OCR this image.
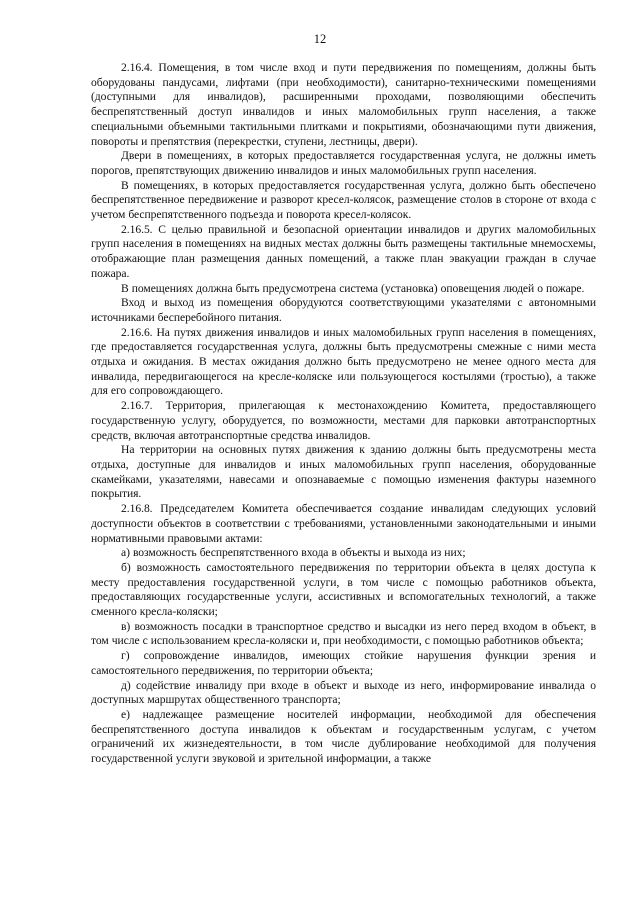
12

2.16.4. Помещения, в том числе вход и пути передвижения по помещениям, должны быть оборудованы пандусами, лифтами (при необходимости), санитарно-техническими помещениями (доступными для инвалидов), расширенными проходами, позволяющими обеспечить беспрепятственный доступ инвалидов и иных маломобильных групп населения, а также специальными объемными тактильными плитками и покрытиями, обозначающими пути движения, повороты и препятствия (перекрестки, ступени, лестницы, двери).

Двери в помещениях, в которых предоставляется государственная услуга, не должны иметь порогов, препятствующих движению инвалидов и иных маломобильных групп населения.

В помещениях, в которых предоставляется государственная услуга, должно быть обеспечено беспрепятственное передвижение и разворот кресел-колясок, размещение столов в стороне от входа с учетом беспрепятственного подъезда и поворота кресел-колясок.

2.16.5. С целью правильной и безопасной ориентации инвалидов и других маломобильных групп населения в помещениях на видных местах должны быть размещены тактильные мнемосхемы, отображающие план размещения данных помещений, а также план эвакуации граждан в случае пожара.

В помещениях должна быть предусмотрена система (установка) оповещения людей о пожаре.

Вход и выход из помещения оборудуются соответствующими указателями с автономными источниками бесперебойного питания.

2.16.6. На путях движения инвалидов и иных маломобильных групп населения в помещениях, где предоставляется государственная услуга, должны быть предусмотрены смежные с ними места отдыха и ожидания. В местах ожидания должно быть предусмотрено не менее одного места для инвалида, передвигающегося на кресле-коляске или пользующегося костылями (тростью), а также для его сопровождающего.

2.16.7. Территория, прилегающая к местонахождению Комитета, предоставляющего государственную услугу, оборудуется, по возможности, местами для парковки автотранспортных средств, включая автотранспортные средства инвалидов.

На территории на основных путях движения к зданию должны быть предусмотрены места отдыха, доступные для инвалидов и иных маломобильных групп населения, оборудованные скамейками, указателями, навесами и опознаваемые с помощью изменения фактуры наземного покрытия.

2.16.8. Председателем Комитета обеспечивается создание инвалидам следующих условий доступности объектов в соответствии с требованиями, установленными законодательными и иными нормативными правовыми актами:

а) возможность беспрепятственного входа в объекты и выхода из них;

б) возможность самостоятельного передвижения по территории объекта в целях доступа к месту предоставления государственной услуги, в том числе с помощью работников объекта, предоставляющих государственные услуги, ассистивных и вспомогательных технологий, а также сменного кресла-коляски;

в) возможность посадки в транспортное средство и высадки из него перед входом в объект, в том числе с использованием кресла-коляски и, при необходимости, с помощью работников объекта;

г) сопровождение инвалидов, имеющих стойкие нарушения функции зрения и самостоятельного передвижения, по территории объекта;

д) содействие инвалиду при входе в объект и выходе из него, информирование инвалида о доступных маршрутах общественного транспорта;

е) надлежащее размещение носителей информации, необходимой для обеспечения беспрепятственного доступа инвалидов к объектам и государственным услугам, с учетом ограничений их жизнедеятельности, в том числе дублирование необходимой для получения государственной услуги звуковой и зрительной информации, а также
